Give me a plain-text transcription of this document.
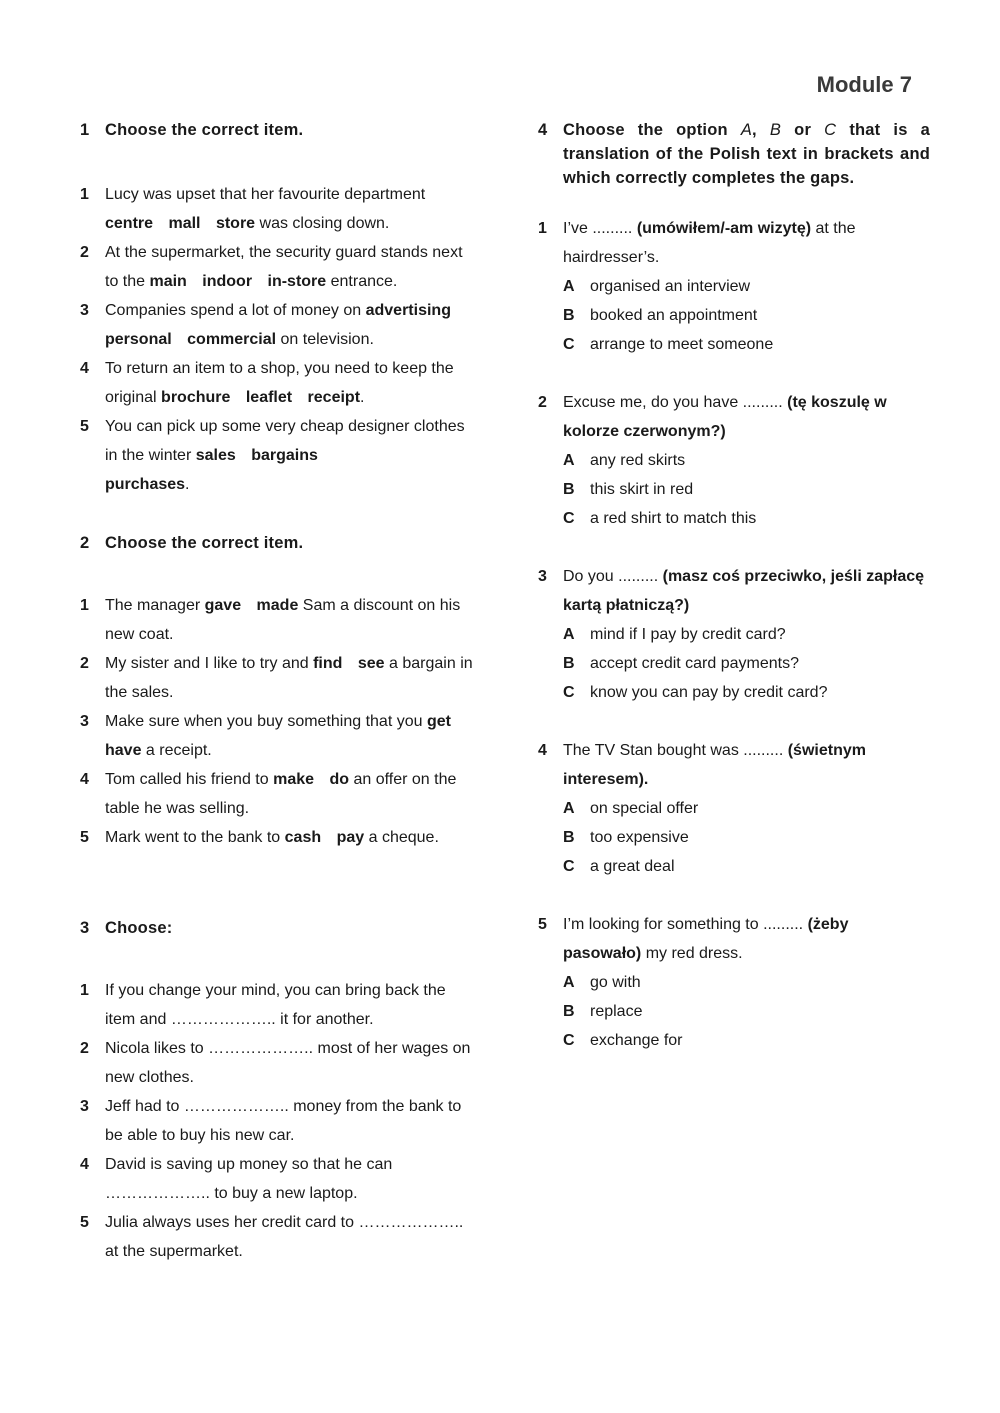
Module 7
1 Choose the correct item.
1	Lucy was upset that her favourite department
centre mall store was closing down.
2	At the supermarket, the security guard stands next to the main indoor in-store entrance.
3	Companies spend a lot of money on advertising
personal commercial on television.
4	To return an item to a shop, you need to keep the original brochure leaflet receipt.
5	You can pick up some very cheap designer clothes in the winter sales bargains
purchases.
2 Choose the correct item.
1	The manager gave made Sam a discount on his new coat.
2	My sister and I like to try and find see a bargain in the sales.
3	Make sure when you buy something that you get
have a receipt.
4	Tom called his friend to make do an offer on the table he was selling.
5	Mark went to the bank to cash pay a cheque.
3 Choose:
1	If you change your mind, you can bring back the item and ……………….. it for another.
2	Nicola likes to ……………….. most of her wages on new clothes.
3	Jeff had to ……………….. money from the bank to be able to buy his new car.
4	David is saving up money so that he can ……………….. to buy a new laptop.
5	Julia always uses her credit card to ……………….. at the supermarket.
4 Choose the option A, B or C that is a translation of the Polish text in brackets and which correctly completes the gaps.
1	I’ve ......... (umówiłem/-am wizytę) at the hairdresser’s.
A organised an interview
B booked an appointment
C arrange to meet someone
2	Excuse me, do you have ......... (tę koszulę w kolorze czerwonym?)
A any red skirts
B this skirt in red
C a red shirt to match this
3	Do you ......... (masz coś przeciwko, jeśli zapłacę kartą płatniczą?)
A mind if I pay by credit card?
B accept credit card payments?
C know you can pay by credit card?
4	The TV Stan bought was ......... (świetnym interesem).
A on special offer
B too expensive
C a great deal
5	I’m looking for something to ......... (żeby pasowało) my red dress.
A go with
B replace
C exchange for
